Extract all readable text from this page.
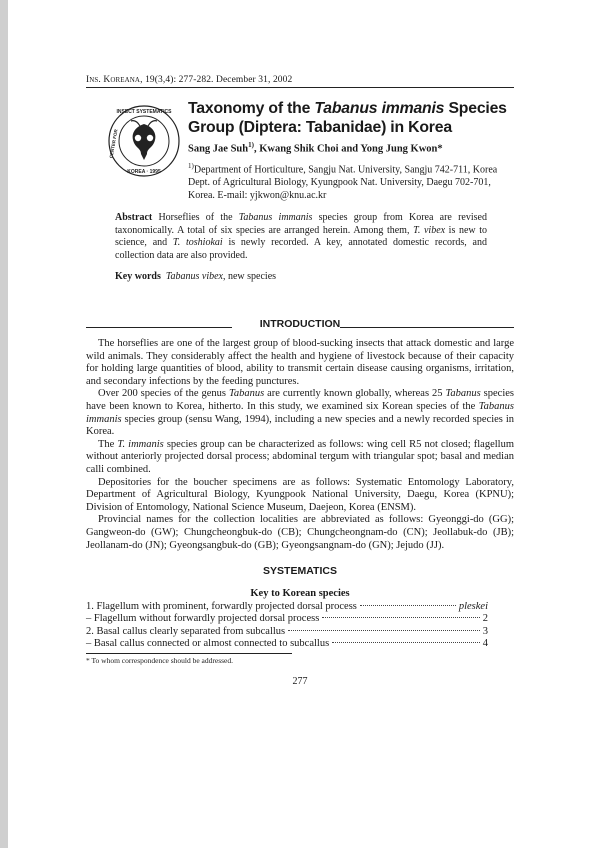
Ins. Koreana, 19(3,4): 277-282. December 31, 2002
INSECT SYSTEMATICS
CENTER FOR
KOREA · 1995
Taxonomy of the Tabanus immanis Species
Group (Diptera: Tabanidae) in Korea
Sang Jae Suh$^{1)}$, Kwang Shik Choi and Yong Jung Kwon*
$^{1)}$Department of Horticulture, Sangju Nat. University, Sangju 742-711, Korea
Dept. of Agricultural Biology, Kyungpook Nat. University, Daegu 702-701,
Korea. E-mail: yjkwon@knu.ac.kr
Abstract Horseflies of the Tabanus immanis species group from Korea are revised taxonomically. A total of six species are arranged herein. Among them, T. vibex is new to science, and T. toshiokai is newly recorded. A key, annotated domestic records, and collection data are also provided.
Key words Tabanus vibex, new species
INTRODUCTION

The horseflies are one of the largest group of blood-sucking insects that attack domestic and large wild animals. They considerably affect the health and hygiene of livestock because of their capacity for holding large quantities of blood, ability to transmit certain disease causing organisms, irritation, and secondary infections by the feeding punctures.

Over 200 species of the genus Tabanus are currently known globally, whereas 25 Tabanus species have been known to Korea, hitherto. In this study, we examined six Korean species of the Tabanus immanis species group (sensu Wang, 1994), including a new species and a newly recorded species in Korea.

The T. immanis species group can be characterized as follows: wing cell R5 not closed; flagellum without anteriorly projected dorsal process; abdominal tergum with triangular spot; basal and median calli combined.

Depositories for the boucher specimens are as follows: Systematic Entomology Laboratory, Department of Agricultural Biology, Kyungpook National University, Daegu, Korea (KPNU); Division of Entomology, National Science Museum, Daejeon, Korea (ENSM).

Provincial names for the collection localities are abbreviated as follows: Gyeonggi-do (GG); Gangweon-do (GW); Chungcheongbuk-do (CB); Chungcheongnam-do (CN); Jeollabuk-do (JB); Jeollanam-do (JN); Gyeongsangbuk-do (GB); Gyeongsangnam-do (GN); Jejudo (JJ).

SYSTEMATICS
Key to Korean species
1. Flagellum with prominent, forwardly projected dorsal process	pleskei
– Flagellum without forwardly projected dorsal process	2
2. Basal callus clearly separated from subcallus	3
– Basal callus connected or almost connected to subcallus	4
* To whom correspondence should be addressed.
277
